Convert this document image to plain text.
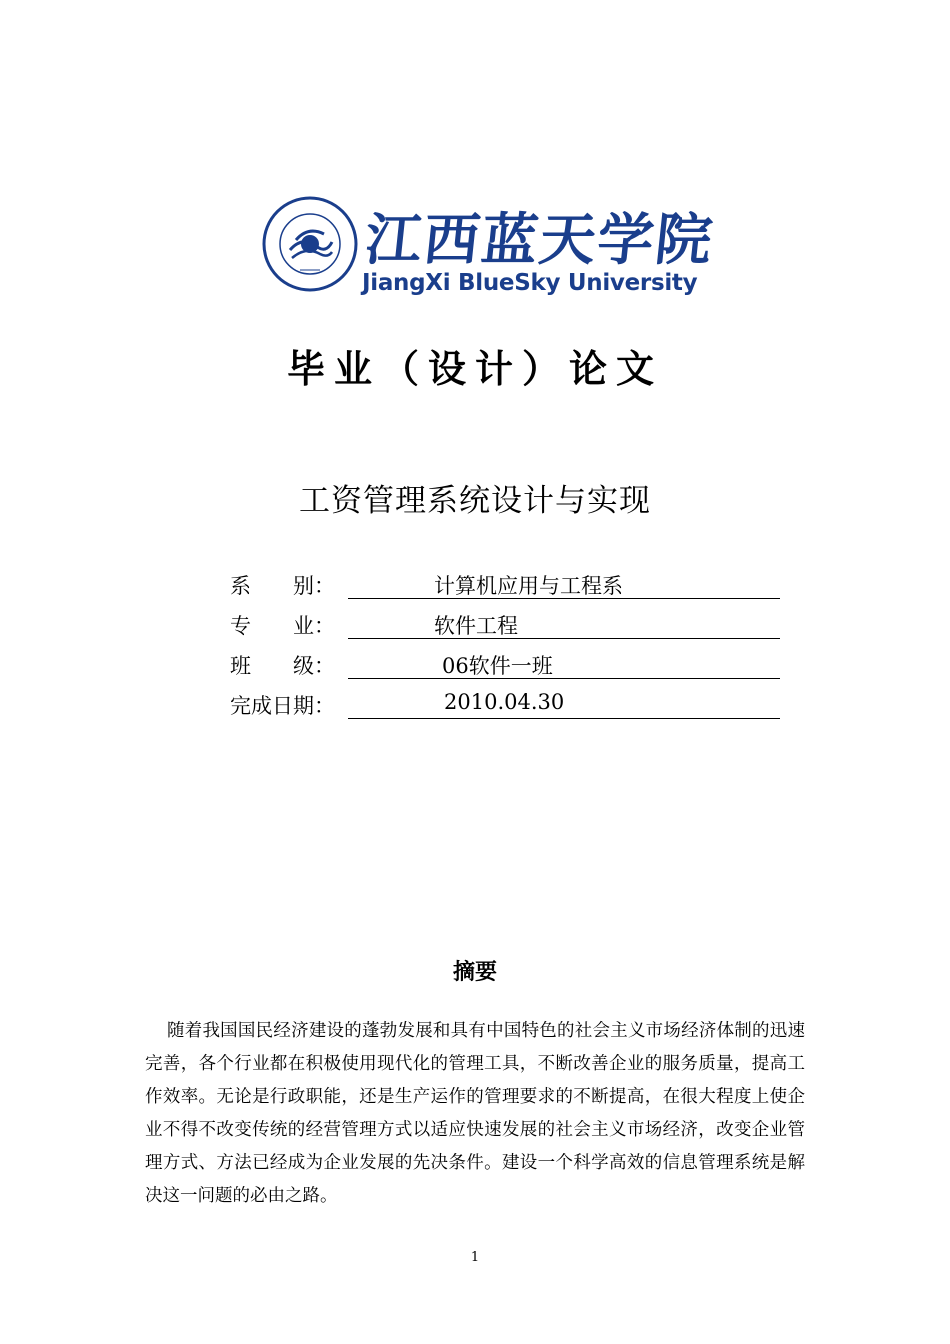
江西蓝天学院
JiangXi BlueSky University
毕业（设计）论文
工资管理系统设计与实现
系　　别：	计算机应用与工程系
专　　业：	软件工程
班　　级：	06软件一班
完成日期：	2010.04.30
摘要
随着我国国民经济建设的蓬勃发展和具有中国特色的社会主义市场经济体制的迅速完善，各个行业都在积极使用现代化的管理工具，不断改善企业的服务质量，提高工作效率。无论是行政职能，还是生产运作的管理要求的不断提高，在很大程度上使企业不得不改变传统的经营管理方式以适应快速发展的社会主义市场经济，改变企业管理方式、方法已经成为企业发展的先决条件。建设一个科学高效的信息管理系统是解决这一问题的必由之路。
1
